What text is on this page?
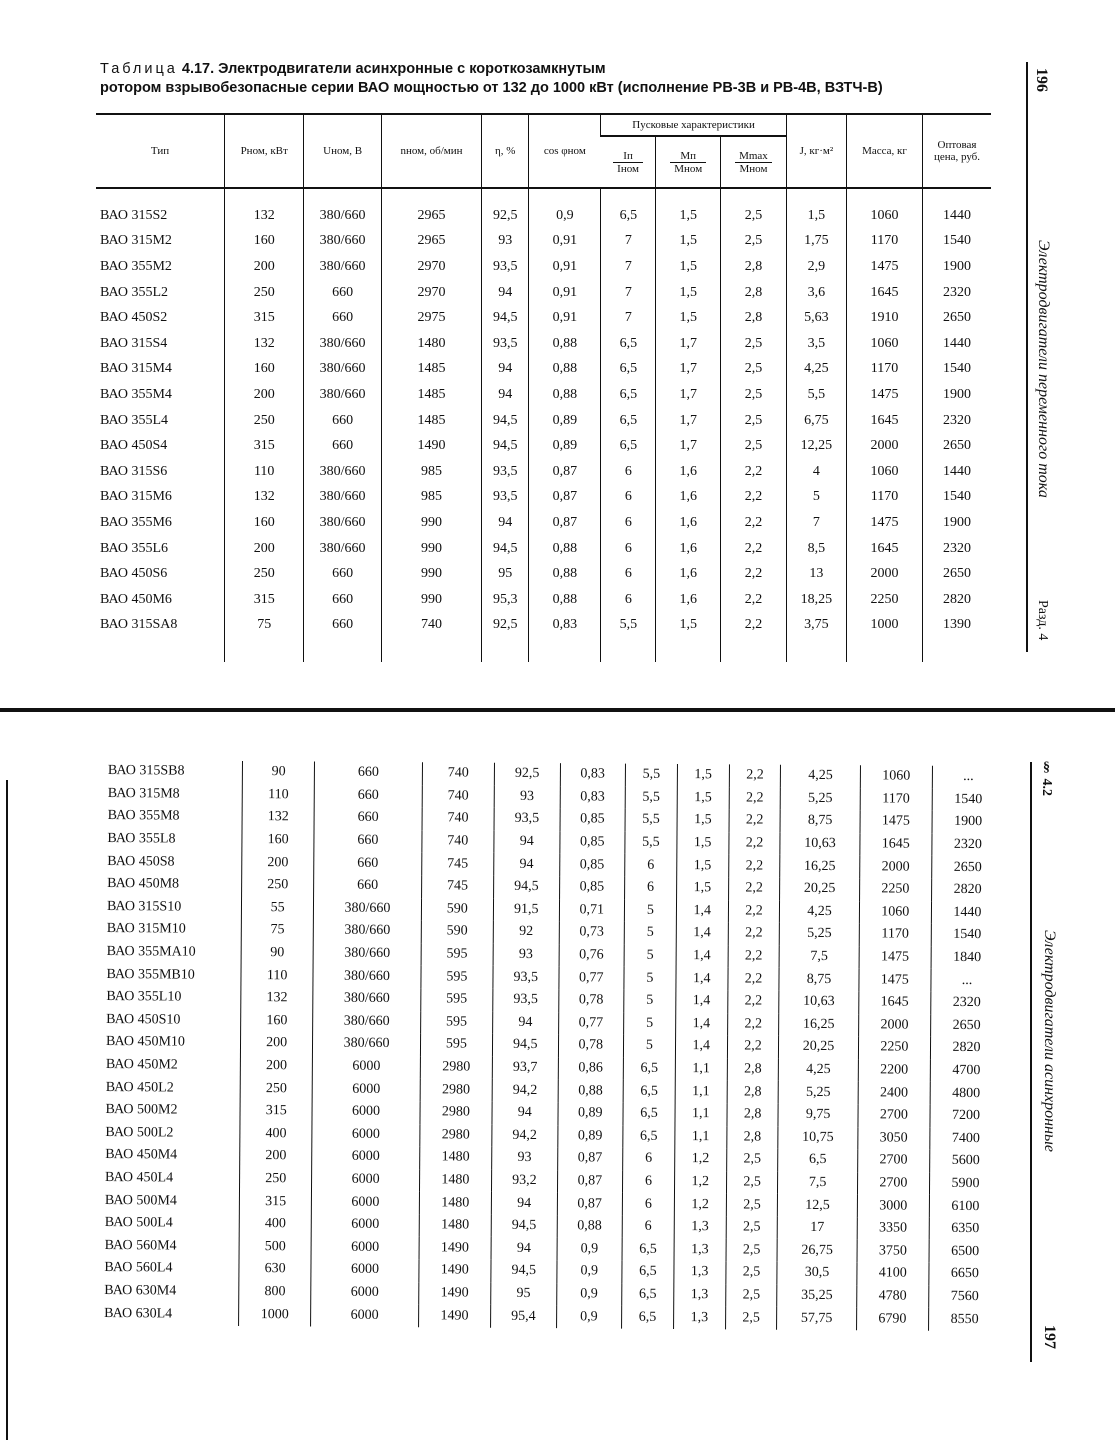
Таблица 4.17. Электродвигатели асинхронные с короткозамкнутым
ротором взрывобезопасные серии ВАО мощностью от 132 до 1000 кВт (исполнение РВ-3В и РВ-4В, ВЗТЧ-В)	196
Электродвигатели переменного тока
Разд. 4
Тип	Pном, кВт	Uном, В	nном, об/мин	η, %	cos φном	Пусковые характеристики			J, кг·м²	Масса, кг	Оптовая цена, руб.

						$\frac{Iп}{\text{Iном}}$	$\frac{Mп}{\text{Mном}}$	$\frac{Mmax}{\text{Mном}}$

ВАО 315S2	132	380/660	2965	92,5	0,9	6,5	1,5	2,5	1,5	1060	1440
ВАО 315М2	160	380/660	2965	93	0,91	7	1,5	2,5	1,75	1170	1540
ВАО 355М2	200	380/660	2970	93,5	0,91	7	1,5	2,8	2,9	1475	1900
ВАО 355L2	250	660	2970	94	0,91	7	1,5	2,8	3,6	1645	2320
ВАО 450S2	315	660	2975	94,5	0,91	7	1,5	2,8	5,63	1910	2650
ВАО 315S4	132	380/660	1480	93,5	0,88	6,5	1,7	2,5	3,5	1060	1440
ВАО 315М4	160	380/660	1485	94	0,88	6,5	1,7	2,5	4,25	1170	1540
ВАО 355М4	200	380/660	1485	94	0,88	6,5	1,7	2,5	5,5	1475	1900
ВАО 355L4	250	660	1485	94,5	0,89	6,5	1,7	2,5	6,75	1645	2320
ВАО 450S4	315	660	1490	94,5	0,89	6,5	1,7	2,5	12,25	2000	2650
ВАО 315S6	110	380/660	985	93,5	0,87	6	1,6	2,2	4	1060	1440
ВАО 315М6	132	380/660	985	93,5	0,87	6	1,6	2,2	5	1170	1540
ВАО 355М6	160	380/660	990	94	0,87	6	1,6	2,2	7	1475	1900
ВАО 355L6	200	380/660	990	94,5	0,88	6	1,6	2,2	8,5	1645	2320
ВАО 450S6	250	660	990	95	0,88	6	1,6	2,2	13	2000	2650
ВАО 450М6	315	660	990	95,3	0,88	6	1,6	2,2	18,25	2250	2820
ВАО 315SA8	75	660	740	92,5	0,83	5,5	1,5	2,2	3,75	1000	1390
§ 4.2
Электродвигатели асинхронные
197
ВАО 315SB8	90	660	740	92,5	0,83	5,5	1,5	2,2	4,25	1060	...
ВАО 315М8	110	660	740	93	0,83	5,5	1,5	2,2	5,25	1170	1540
ВАО 355М8	132	660	740	93,5	0,85	5,5	1,5	2,2	8,75	1475	1900
ВАО 355L8	160	660	740	94	0,85	5,5	1,5	2,2	10,63	1645	2320
ВАО 450S8	200	660	745	94	0,85	6	1,5	2,2	16,25	2000	2650
ВАО 450М8	250	660	745	94,5	0,85	6	1,5	2,2	20,25	2250	2820
ВАО 315S10	55	380/660	590	91,5	0,71	5	1,4	2,2	4,25	1060	1440
ВАО 315М10	75	380/660	590	92	0,73	5	1,4	2,2	5,25	1170	1540
ВАО 355МА10	90	380/660	595	93	0,76	5	1,4	2,2	7,5	1475	1840
ВАО 355МВ10	110	380/660	595	93,5	0,77	5	1,4	2,2	8,75	1475	...
ВАО 355L10	132	380/660	595	93,5	0,78	5	1,4	2,2	10,63	1645	2320
ВАО 450S10	160	380/660	595	94	0,77	5	1,4	2,2	16,25	2000	2650
ВАО 450М10	200	380/660	595	94,5	0,78	5	1,4	2,2	20,25	2250	2820
ВАО 450М2	200	6000	2980	93,7	0,86	6,5	1,1	2,8	4,25	2200	4700
ВАО 450L2	250	6000	2980	94,2	0,88	6,5	1,1	2,8	5,25	2400	4800
ВАО 500М2	315	6000	2980	94	0,89	6,5	1,1	2,8	9,75	2700	7200
ВАО 500L2	400	6000	2980	94,2	0,89	6,5	1,1	2,8	10,75	3050	7400
ВАО 450М4	200	6000	1480	93	0,87	6	1,2	2,5	6,5	2700	5600
ВАО 450L4	250	6000	1480	93,2	0,87	6	1,2	2,5	7,5	2700	5900
ВАО 500М4	315	6000	1480	94	0,87	6	1,2	2,5	12,5	3000	6100
ВАО 500L4	400	6000	1480	94,5	0,88	6	1,3	2,5	17	3350	6350
ВАО 560М4	500	6000	1490	94	0,9	6,5	1,3	2,5	26,75	3750	6500
ВАО 560L4	630	6000	1490	94,5	0,9	6,5	1,3	2,5	30,5	4100	6650
ВАО 630М4	800	6000	1490	95	0,9	6,5	1,3	2,5	35,25	4780	7560
ВАО 630L4	1000	6000	1490	95,4	0,9	6,5	1,3	2,5	57,75	6790	8550
